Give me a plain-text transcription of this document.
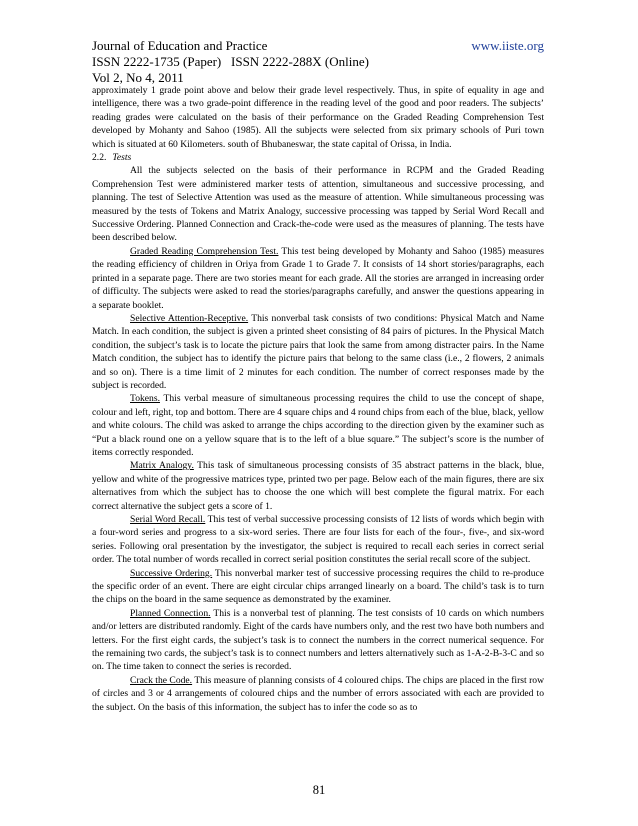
Journal of Education and Practice	www.iiste.org
ISSN 2222-1735 (Paper)   ISSN 2222-288X (Online)
Vol 2, No 4, 2011

approximately 1 grade point above and below their grade level respectively. Thus, in spite of equality in age and intelligence, there was a two grade-point difference in the reading level of the good and poor readers. The subjects’ reading grades were calculated on the basis of their performance on the Graded Reading Comprehension Test developed by Mohanty and Sahoo (1985). All the subjects were selected from six primary schools of Puri town which is situated at 60 Kilometers. south of Bhubaneswar, the state capital of Orissa, in India.

2.2. Tests

All the subjects selected on the basis of their performance in RCPM and the Graded Reading Comprehension Test were administered marker tests of attention, simultaneous and successive processing, and planning. The test of Selective Attention was used as the measure of attention. While simultaneous processing was measured by the tests of Tokens and Matrix Analogy, successive processing was tapped by Serial Word Recall and Successive Ordering. Planned Connection and Crack-the-code were used as the measures of planning. The tests have been described below.

Graded Reading Comprehension Test. This test being developed by Mohanty and Sahoo (1985) measures the reading efficiency of children in Oriya from Grade 1 to Grade 7. It consists of 14 short stories/paragraphs, each printed in a separate page. There are two stories meant for each grade. All the stories are arranged in increasing order of difficulty. The subjects were asked to read the stories/paragraphs carefully, and answer the questions appearing in a separate booklet.

Selective Attention-Receptive. This nonverbal task consists of two conditions: Physical Match and Name Match. In each condition, the subject is given a printed sheet consisting of 84 pairs of pictures. In the Physical Match condition, the subject’s task is to locate the picture pairs that look the same from among distracter pairs. In the Name Match condition, the subject has to identify the picture pairs that belong to the same class (i.e., 2 flowers, 2 animals and so on). There is a time limit of 2 minutes for each condition. The number of correct responses made by the subject is recorded.

Tokens. This verbal measure of simultaneous processing requires the child to use the concept of shape, colour and left, right, top and bottom. There are 4 square chips and 4 round chips from each of the blue, black, yellow and white colours. The child was asked to arrange the chips according to the direction given by the examiner such as “Put a black round one on a yellow square that is to the left of a blue square.” The subject’s score is the number of items correctly responded.

Matrix Analogy. This task of simultaneous processing consists of 35 abstract patterns in the black, blue, yellow and white of the progressive matrices type, printed two per page. Below each of the main figures, there are six alternatives from which the subject has to choose the one which will best complete the figural matrix. For each correct alternative the subject gets a score of 1.

Serial Word Recall. This test of verbal successive processing consists of 12 lists of words which begin with a four-word series and progress to a six-word series. There are four lists for each of the four-, five-, and six-word series. Following oral presentation by the investigator, the subject is required to recall each series in correct serial order. The total number of words recalled in correct serial position constitutes the serial recall score of the subject.

Successive Ordering. This nonverbal marker test of successive processing requires the child to re-produce the specific order of an event. There are eight circular chips arranged linearly on a board. The child’s task is to turn the chips on the board in the same sequence as demonstrated by the examiner.

Planned Connection. This is a nonverbal test of planning. The test consists of 10 cards on which numbers and/or letters are distributed randomly. Eight of the cards have numbers only, and the rest two have both numbers and letters. For the first eight cards, the subject’s task is to connect the numbers in the correct numerical sequence. For the remaining two cards, the subject’s task is to connect numbers and letters alternatively such as 1-A-2-B-3-C and so on. The time taken to connect the series is recorded.

Crack the Code. This measure of planning consists of 4 coloured chips. The chips are placed in the first row of circles and 3 or 4 arrangements of coloured chips and the number of errors associated with each are provided to the subject. On the basis of this information, the subject has to infer the code so as to

81
